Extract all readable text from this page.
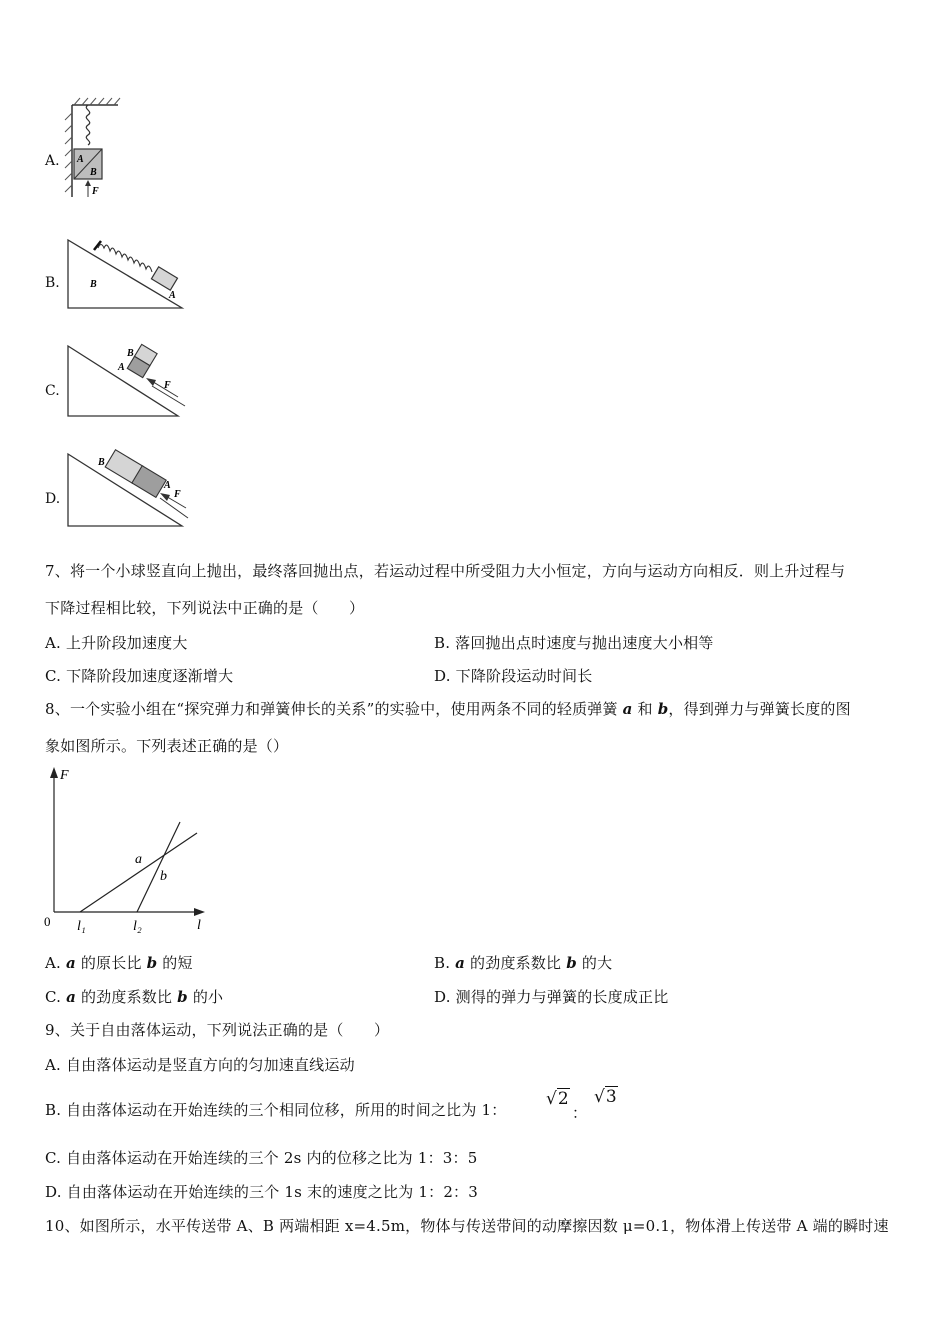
A. A
B
F
B.	B
A
C.
B
A
F
D.
B
A
F
7、将一个小球竖直向上抛出，最终落回抛出点，若运动过程中所受阻力大小恒定，方向与运动方向相反．则上升过程与
下降过程相比较，下列说法中正确的是（　　）
A. 上升阶段加速度大	B. 落回抛出点时速度与抛出速度大小相等
C. 下降阶段加速度逐渐增大	D. 下降阶段运动时间长
8、一个实验小组在“探究弹力和弹簧伸长的关系”的实验中，使用两条不同的轻质弹簧 a 和 b，得到弹力与弹簧长度的图
象如图所示。下列表述正确的是（）
F
l
0
a
b
l₁	l₂
A. a 的原长比 b 的短	B. a 的劲度系数比 b 的大
C. a 的劲度系数比 b 的小	D. 测得的弹力与弹簧的长度成正比
9、关于自由落体运动，下列说法正确的是（　　）
A. 自由落体运动是竖直方向的匀加速直线运动
B. 自由落体运动在开始连续的三个相同位移，所用的时间之比为 1：
√2
：
√3
C. 自由落体运动在开始连续的三个 2s 内的位移之比为 1：3：5
D. 自由落体运动在开始连续的三个 1s 末的速度之比为 1：2：3
10、如图所示，水平传送带 A、B 两端相距 x=4.5m，物体与传送带间的动摩擦因数 μ=0.1，物体滑上传送带 A 端的瞬时速
